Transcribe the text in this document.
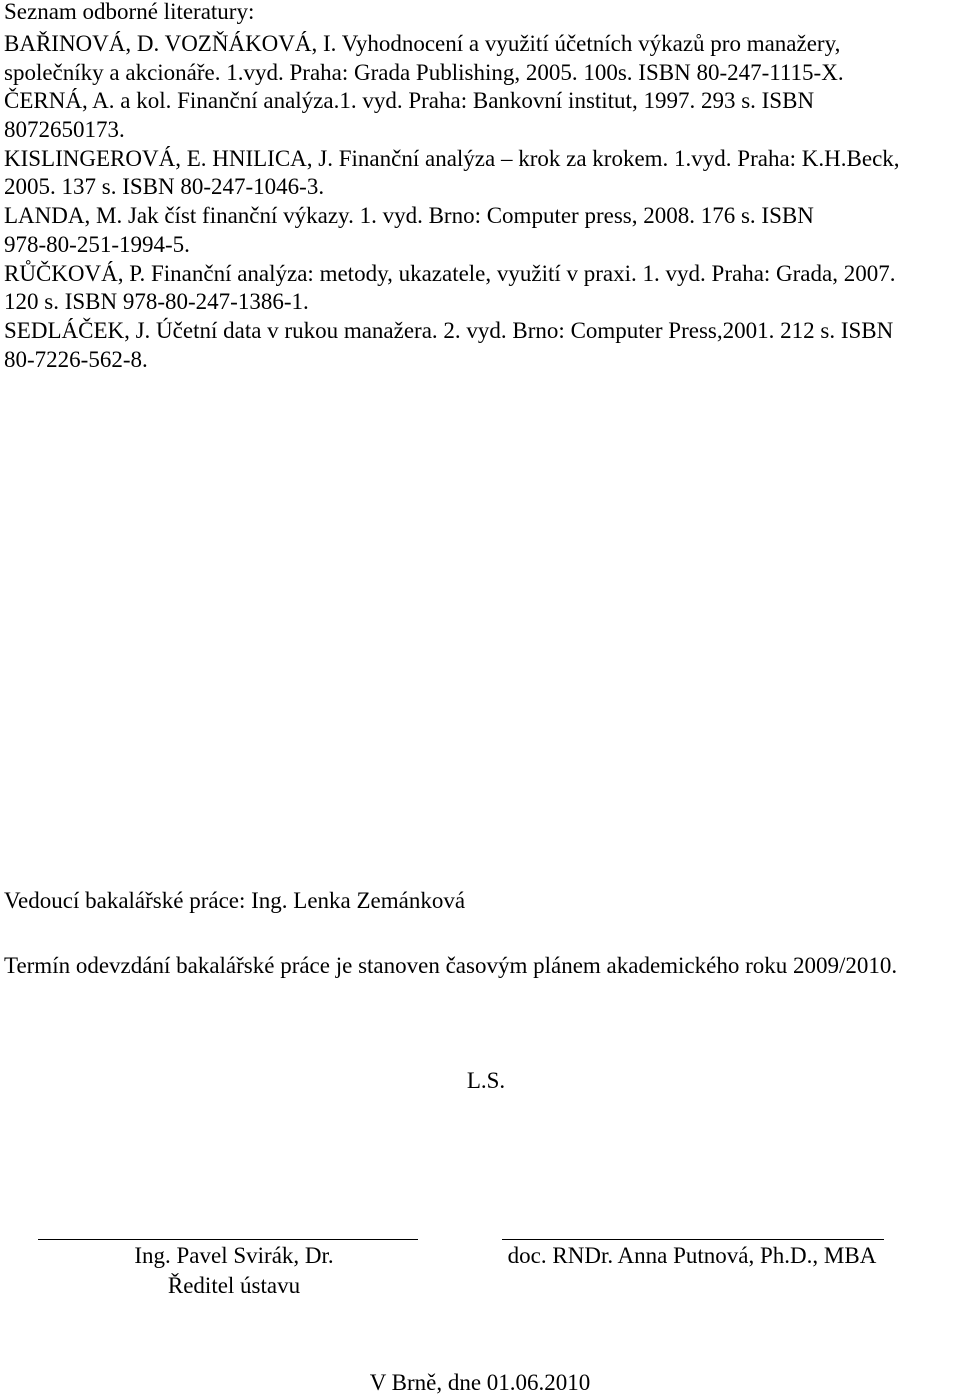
Seznam odborné literatury:
BAŘINOVÁ, D. VOZŇÁKOVÁ, I. Vyhodnocení a využití účetních výkazů pro manažery,
společníky a akcionáře. 1.vyd. Praha: Grada Publishing, 2005. 100s. ISBN 80-247-1115-X.
ČERNÁ, A. a kol. Finanční analýza.1. vyd. Praha: Bankovní institut, 1997. 293 s. ISBN
8072650173.
KISLINGEROVÁ, E. HNILICA, J. Finanční analýza – krok za krokem. 1.vyd. Praha: K.H.Beck,
2005. 137 s. ISBN 80-247-1046-3.
LANDA, M. Jak číst finanční výkazy. 1. vyd. Brno: Computer press, 2008. 176 s. ISBN
978-80-251-1994-5.
RŮČKOVÁ, P. Finanční analýza: metody, ukazatele, využití v praxi. 1. vyd. Praha: Grada, 2007.
120 s. ISBN 978-80-247-1386-1.
SEDLÁČEK, J. Účetní data v rukou manažera. 2. vyd. Brno: Computer Press,2001. 212 s. ISBN
80-7226-562-8.
Vedoucí bakalářské práce: Ing. Lenka Zemánková
Termín odevzdání bakalářské práce je stanoven časovým plánem akademického roku 2009/2010.
L.S.
Ing. Pavel Svirák, Dr.
Ředitel ústavu
doc. RNDr. Anna Putnová, Ph.D., MBA
V Brně, dne 01.06.2010
